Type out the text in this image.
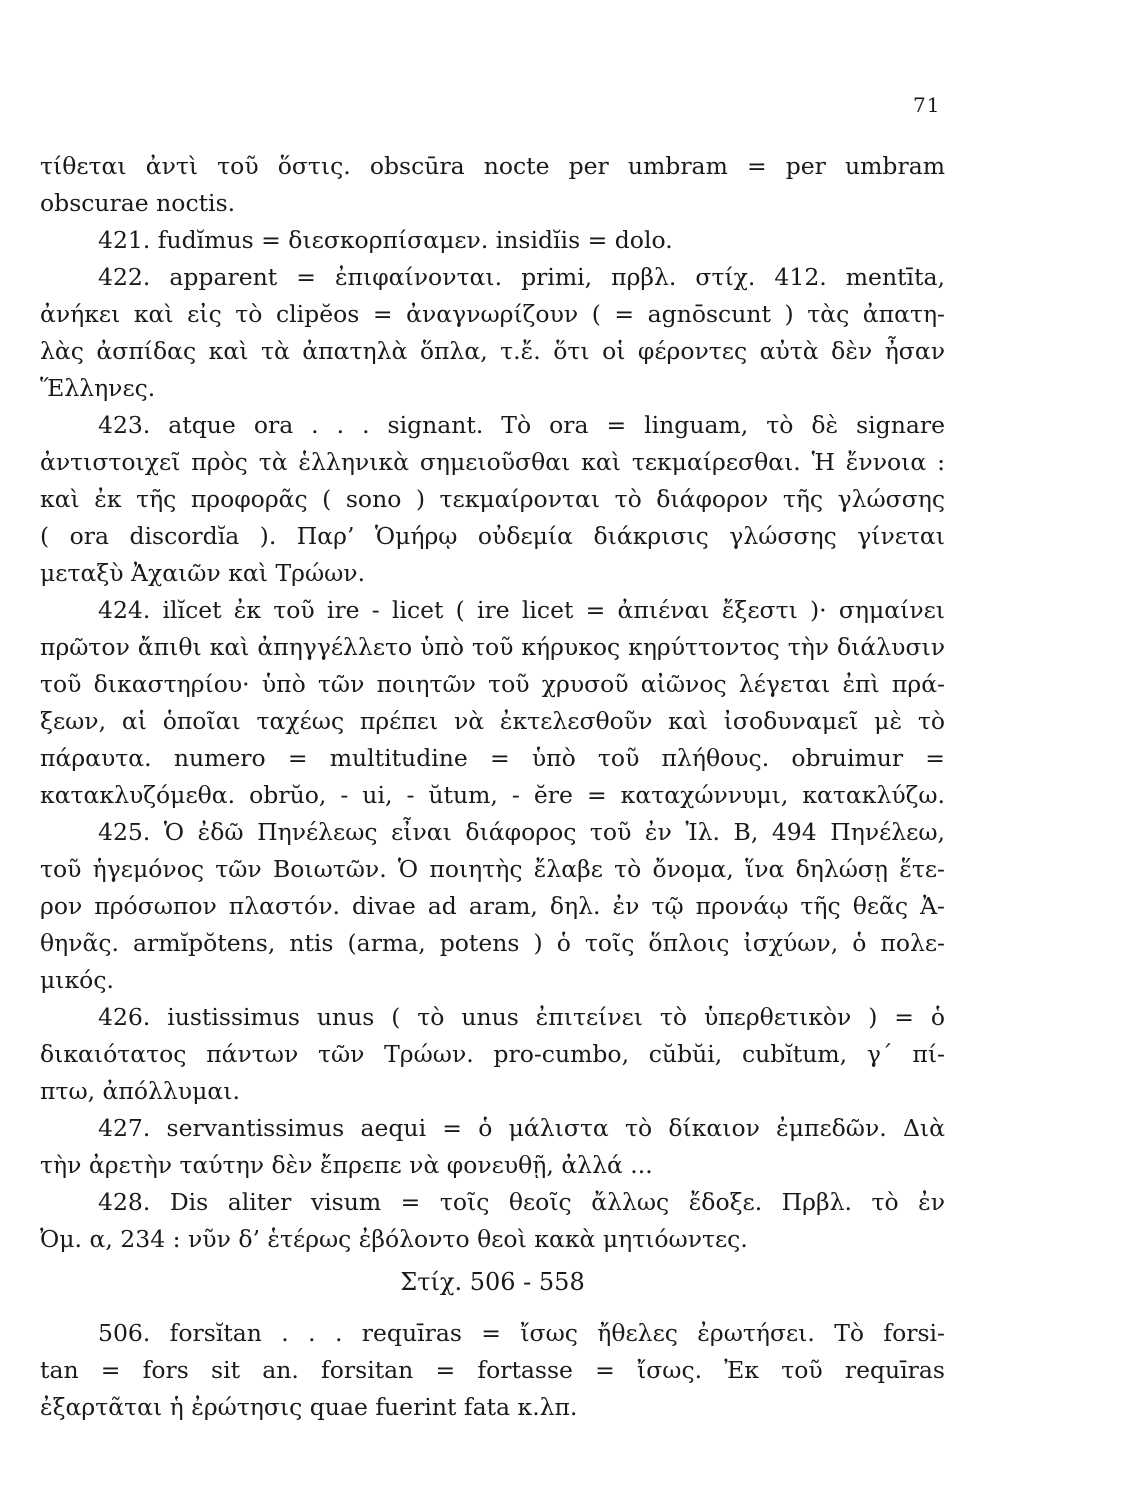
71
τίθεται ἀντὶ τοῦ ὅστις. obscūra nocte per umbram = per umbram
obscurae noctis.
421. fudĭmus = διεσκορπίσαμεν. insidĭis = dolo.
422. apparent = ἐπιφαίνονται. primi, πρβλ. στίχ. 412. mentīta,
ἀνήκει καὶ εἰς τὸ clipĕos = ἀναγνωρίζουν ( = agnōscunt ) τὰς ἀπατη-
λὰς ἀσπίδας καὶ τὰ ἀπατηλὰ ὅπλα, τ.ἔ. ὅτι οἱ φέροντες αὐτὰ δὲν ἦσαν
Ἕλληνες.
423. atque ora . . . signant. Τὸ ora = linguam, τὸ δὲ signare
ἀντιστοιχεῖ πρὸς τὰ ἑλληνικὰ σημειοῦσθαι καὶ τεκμαίρεσθαι. Ἡ ἔννοια :
καὶ ἐκ τῆς προφορᾶς ( sono ) τεκμαίρονται τὸ διάφορον τῆς γλώσσης
( ora discordĭa ). Παρ’ Ὁμήρῳ οὐδεμία διάκρισις γλώσσης γίνεται
μεταξὺ Ἀχαιῶν καὶ Τρώων.
424. ilĭcet ἐκ τοῦ ire - licet ( ire licet = ἀπιέναι ἔξεστι )· σημαίνει
πρῶτον ἄπιθι καὶ ἀπηγγέλλετο ὑπὸ τοῦ κήρυκος κηρύττοντος τὴν διάλυσιν
τοῦ δικαστηρίου· ὑπὸ τῶν ποιητῶν τοῦ χρυσοῦ αἰῶνος λέγεται ἐπὶ πρά-
ξεων, αἱ ὁποῖαι ταχέως πρέπει νὰ ἐκτελεσθοῦν καὶ ἰσοδυναμεῖ μὲ τὸ
πάραυτα. numero = multitudine = ὑπὸ τοῦ πλήθους. obruimur =
κατακλυζόμεθα. obrŭo, - ui, - ŭtum, - ĕre = καταχώννυμι, κατακλύζω.
425. Ὁ ἐδῶ Πηνέλεως εἶναι διάφορος τοῦ ἐν Ἰλ. Β, 494 Πηνέλεω,
τοῦ ἡγεμόνος τῶν Βοιωτῶν. Ὁ ποιητὴς ἔλαβε τὸ ὄνομα, ἵνα δηλώσῃ ἕτε-
ρον πρόσωπον πλαστόν. divae ad aram, δηλ. ἐν τῷ προνάῳ τῆς θεᾶς Ἀ-
θηνᾶς. armĭpŏtens, ntis (arma, potens ) ὁ τοῖς ὅπλοις ἰσχύων, ὁ πολε-
μικός.
426. iustissimus unus ( τὸ unus ἐπιτείνει τὸ ὑπερθετικὸν ) = ὁ
δικαιότατος πάντων τῶν Τρώων. pro-cumbo, cŭbŭi, cubĭtum, γ΄ πί-
πτω, ἀπόλλυμαι.
427. servantissimus aequi = ὁ μάλιστα τὸ δίκαιον ἐμπεδῶν. Διὰ
τὴν ἀρετὴν ταύτην δὲν ἔπρεπε νὰ φονευθῇ, ἀλλά ...
428. Dis aliter visum = τοῖς θεοῖς ἄλλως ἔδοξε. Πρβλ. τὸ ἐν
Ὀμ. α, 234 : νῦν δ’ ἑτέρως ἐβόλοντο θεοὶ κακὰ μητιόωντες.
Στίχ. 506 - 558
506. forsĭtan . . . requīras = ἴσως ἤθελες ἐρωτήσει. Τὸ forsi-
tan = fors sit an. forsitan = fortasse = ἴσως. Ἐκ τοῦ requīras
ἐξαρτᾶται ἡ ἐρώτησις quae fuerint fata κ.λπ.
